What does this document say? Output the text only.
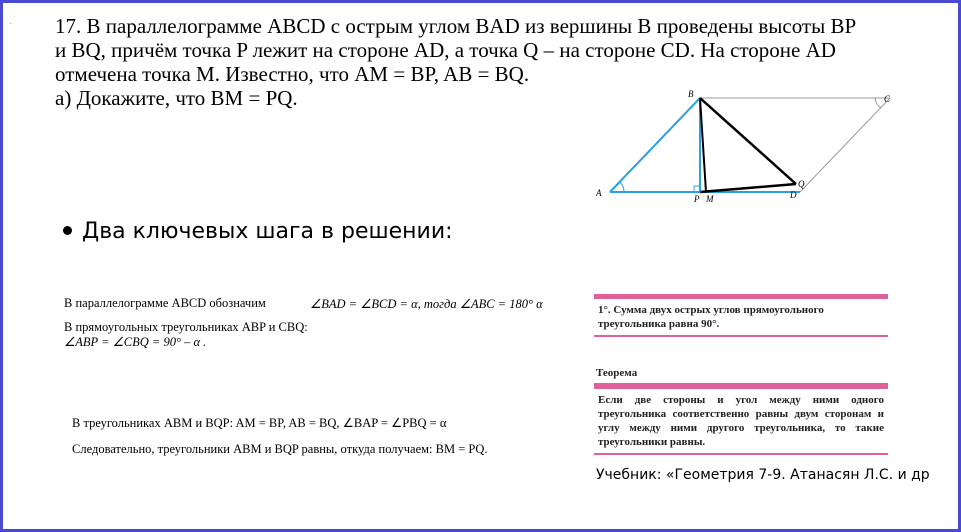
. 17. В параллелограмме ABCD с острым углом BAD из вершины B проведены высоты BP
и BQ, причём точка P лежит на стороне AD, а точка Q – на стороне CD. На стороне AD
отмечена точка M. Известно, что AM = BP, AB = BQ.
а) Докажите, что BM = PQ.
A
B	C
D
P M
Q
Два ключевых шага в решении:
В параллелограмме ABCD обозначим	∠BAD = ∠BCD = α, тогда ∠ABC = 180° α
В прямоугольных треугольниках ABP и CBQ:
∠ABP = ∠CBQ = 90° – α .
В треугольниках ABM и BQP: AM = BP, AB = BQ, ∠BAP = ∠PBQ = α
Следовательно, треугольники ABM и BQP равны, откуда получаем: BM = PQ.
1°. Сумма двух острых углов прямоугольного треугольника равна 90°.
Теорема
Если две стороны и угол между ними одного треугольника соответственно равны двум сторонам и углу между ними другого треугольника, то такие треугольники равны.
Учебник: «Геометрия 7-9. Атанасян Л.С. и др
